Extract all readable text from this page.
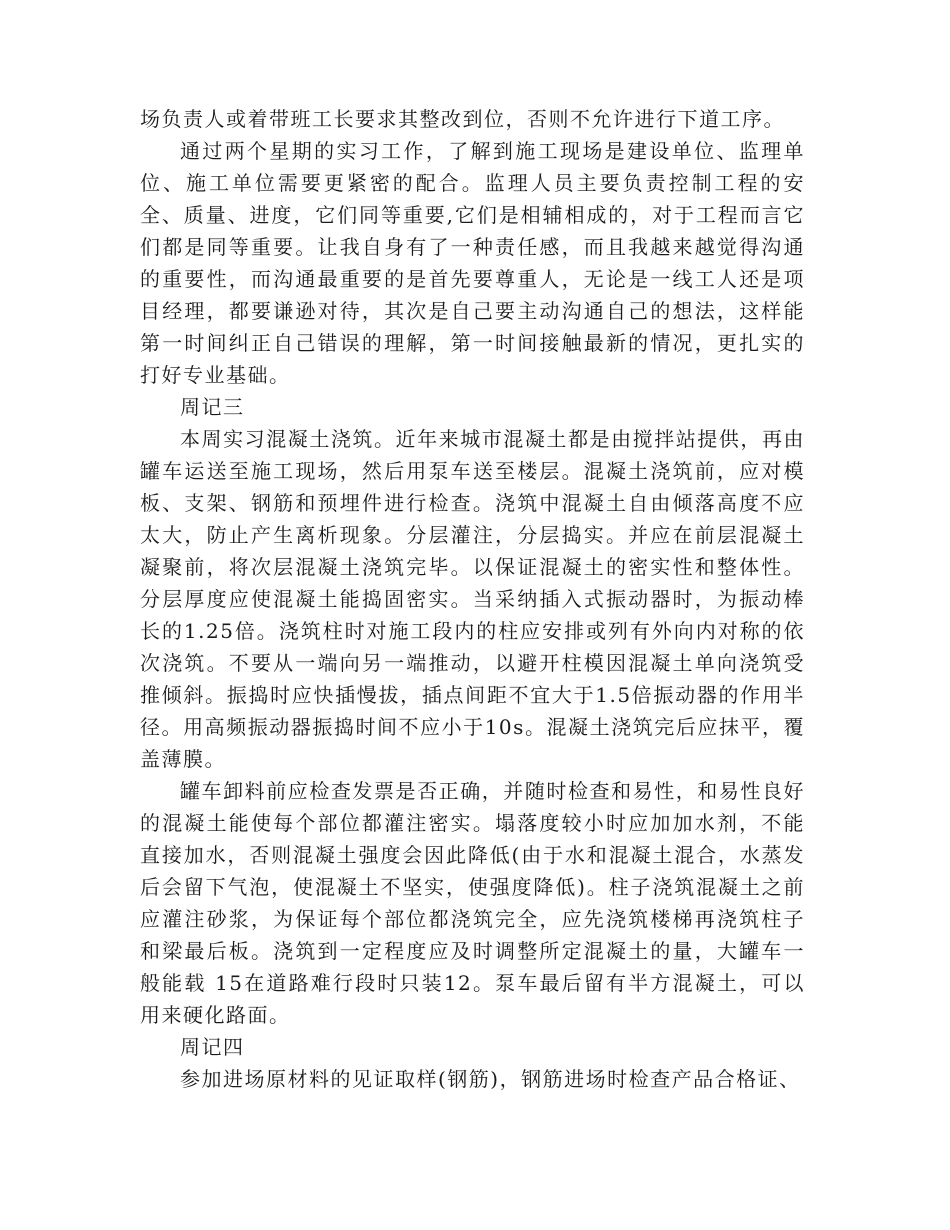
场负责人或着带班工长要求其整改到位，否则不允许进行下道工序。

通过两个星期的实习工作，了解到施工现场是建设单位、监理单位、施工单位需要更紧密的配合。监理人员主要负责控制工程的安全、质量、进度，它们同等重要,它们是相辅相成的，对于工程而言它们都是同等重要。让我自身有了一种责任感，而且我越来越觉得沟通的重要性，而沟通最重要的是首先要尊重人，无论是一线工人还是项目经理，都要谦逊对待，其次是自己要主动沟通自己的想法，这样能第一时间纠正自己错误的理解，第一时间接触最新的情况，更扎实的打好专业基础。

周记三

本周实习混凝土浇筑。近年来城市混凝土都是由搅拌站提供，再由罐车运送至施工现场，然后用泵车送至楼层。混凝土浇筑前，应对模板、支架、钢筋和预埋件进行检查。浇筑中混凝土自由倾落高度不应太大，防止产生离析现象。分层灌注，分层捣实。并应在前层混凝土凝聚前，将次层混凝土浇筑完毕。以保证混凝土的密实性和整体性。分层厚度应使混凝土能捣固密实。当采纳插入式振动器时，为振动棒长的1.25倍。浇筑柱时对施工段内的柱应安排或列有外向内对称的依次浇筑。不要从一端向另一端推动，以避开柱模因混凝土单向浇筑受推倾斜。振捣时应快插慢拔，插点间距不宜大于1.5倍振动器的作用半径。用高频振动器振捣时间不应小于10s。混凝土浇筑完后应抹平，覆盖薄膜。

罐车卸料前应检查发票是否正确，并随时检查和易性，和易性良好的混凝土能使每个部位都灌注密实。塌落度较小时应加加水剂，不能直接加水，否则混凝土强度会因此降低(由于水和混凝土混合，水蒸发后会留下气泡，使混凝土不坚实，使强度降低)。柱子浇筑混凝土之前应灌注砂浆，为保证每个部位都浇筑完全，应先浇筑楼梯再浇筑柱子和梁最后板。浇筑到一定程度应及时调整所定混凝土的量，大罐车一般能载 15在道路难行段时只装12。泵车最后留有半方混凝土，可以用来硬化路面。

周记四

参加进场原材料的见证取样(钢筋)，钢筋进场时检查产品合格证、
